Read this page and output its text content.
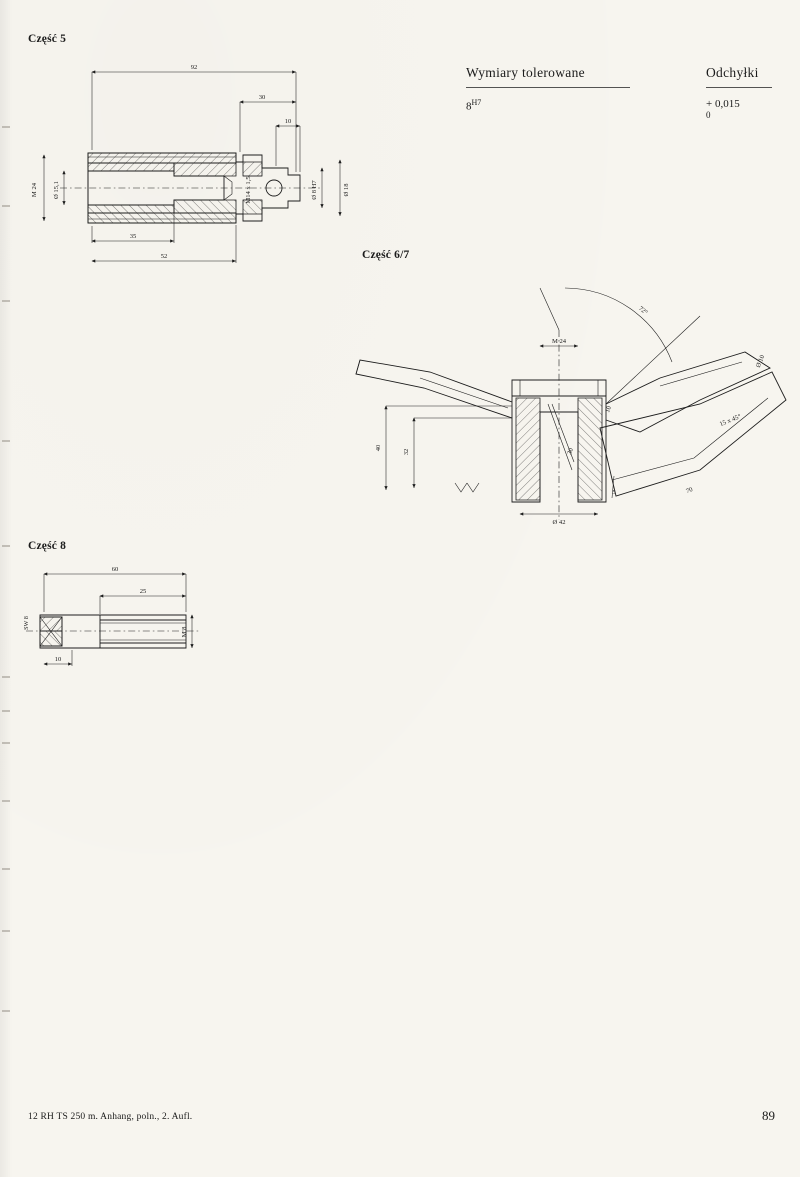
Część 5
Część 6/7
Część 8
Wymiary tolerowane	Odchyłki
$8^{H7}$	+ 0,015
0
12 RH TS 250 m. Anhang, poln., 2. Aufl.	89
92
30
10
35
52
M 24 Ø 15,1	M14 x 1,5	Ø 8 H7	Ø 18
72°
M 24
40
32
Ø 42
30
10
Ø 10
15 x 45°
70
5
60
25
10
M 8
SW 8
